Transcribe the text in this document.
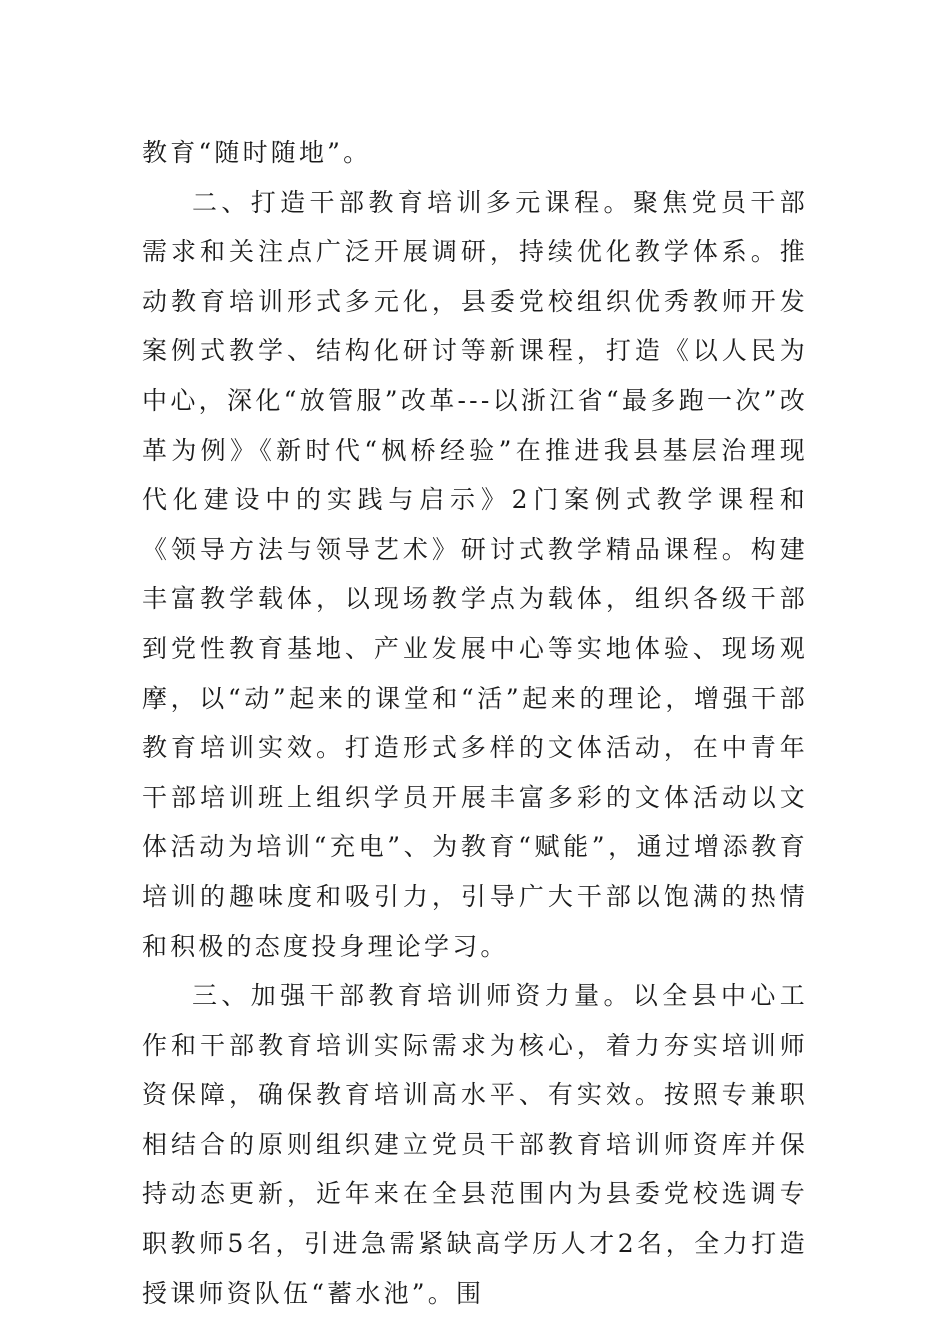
教育“随时随地”。

二、打造干部教育培训多元课程。聚焦党员干部需求和关注点广泛开展调研，持续优化教学体系。推动教育培训形式多元化，县委党校组织优秀教师开发案例式教学、结构化研讨等新课程，打造《以人民为中心，深化“放管服”改革---以浙江省“最多跑一次”改革为例》《新时代“枫桥经验”在推进我县基层治理现代化建设中的实践与启示》2门案例式教学课程和《领导方法与领导艺术》研讨式教学精品课程。构建丰富教学载体，以现场教学点为载体，组织各级干部到党性教育基地、产业发展中心等实地体验、现场观摩，以“动”起来的课堂和“活”起来的理论，增强干部教育培训实效。打造形式多样的文体活动，在中青年干部培训班上组织学员开展丰富多彩的文体活动以文体活动为培训“充电”、为教育“赋能”，通过增添教育培训的趣味度和吸引力，引导广大干部以饱满的热情和积极的态度投身理论学习。

三、加强干部教育培训师资力量。以全县中心工作和干部教育培训实际需求为核心，着力夯实培训师资保障，确保教育培训高水平、有实效。按照专兼职相结合的原则组织建立党员干部教育培训师资库并保持动态更新，近年来在全县范围内为县委党校选调专职教师5名，引进急需紧缺高学历人才2名，全力打造授课师资队伍“蓄水池”。围
